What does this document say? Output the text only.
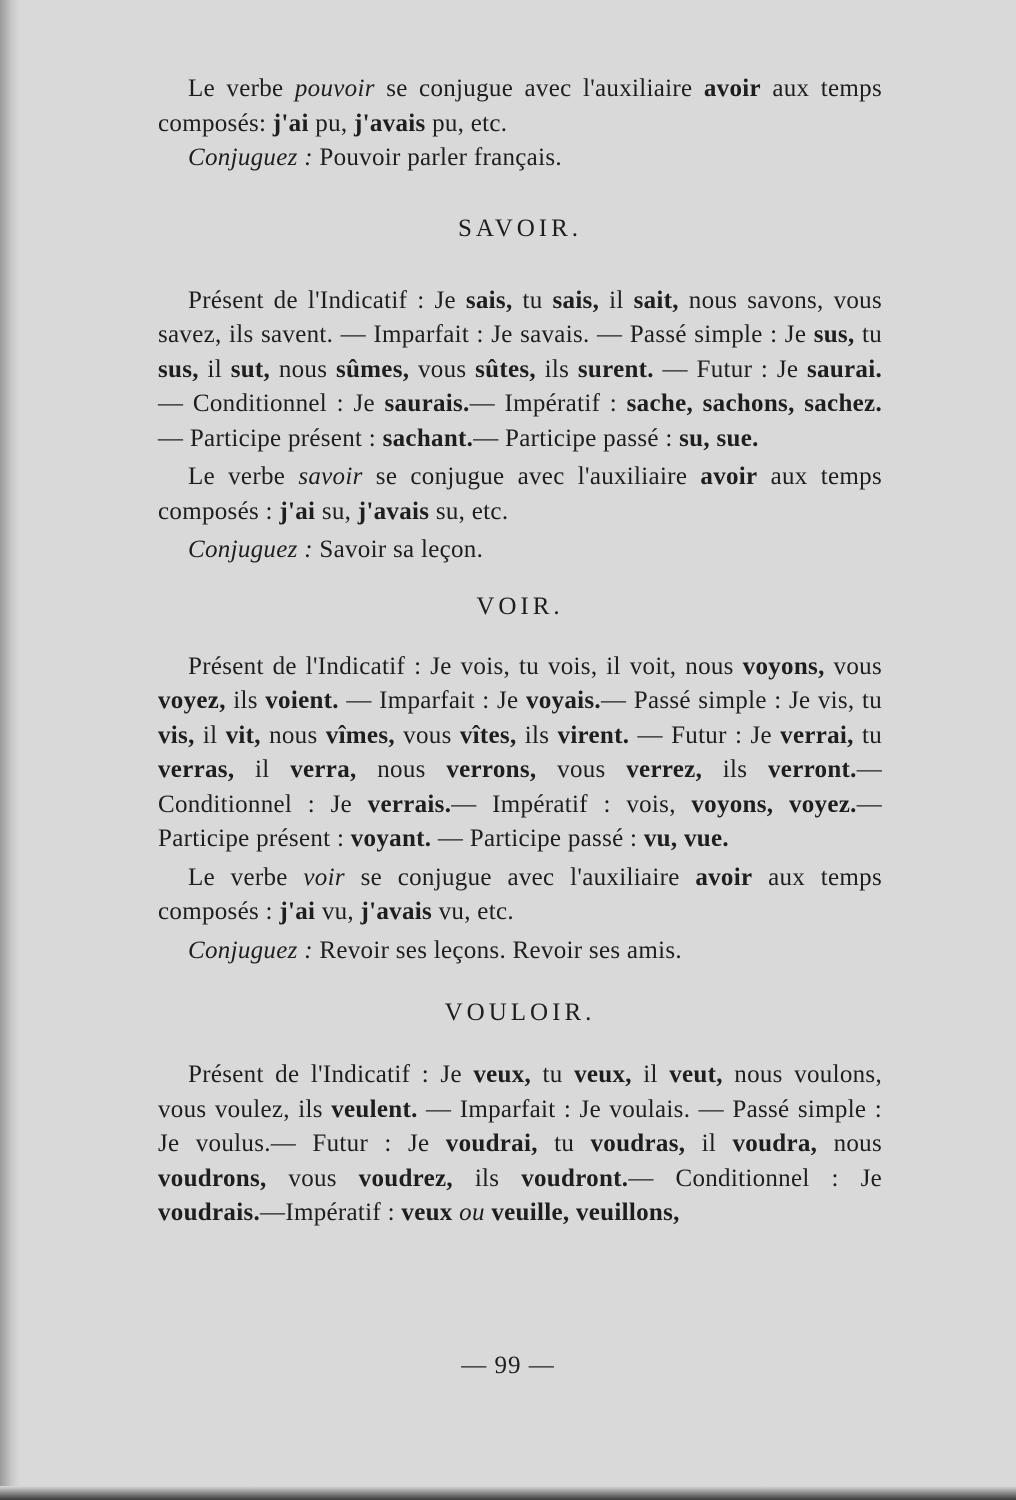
Le verbe pouvoir se conjugue avec l'auxiliaire avoir aux temps composés: j'ai pu, j'avais pu, etc.

Conjuguez : Pouvoir parler français.

SAVOIR.

Présent de l'Indicatif : Je sais, tu sais, il sait, nous savons, vous savez, ils savent. — Imparfait : Je savais. — Passé simple : Je sus, tu sus, il sut, nous sûmes, vous sûtes, ils surent. — Futur : Je saurai. — Conditionnel : Je saurais.— Impératif : sache, sachons, sachez. — Participe présent : sachant.— Participe passé : su, sue.

Le verbe savoir se conjugue avec l'auxiliaire avoir aux temps composés : j'ai su, j'avais su, etc.

Conjuguez : Savoir sa leçon.

VOIR.

Présent de l'Indicatif : Je vois, tu vois, il voit, nous voyons, vous voyez, ils voient. — Imparfait : Je voyais.— Passé simple : Je vis, tu vis, il vit, nous vîmes, vous vîtes, ils virent. — Futur : Je verrai, tu verras, il verra, nous verrons, vous verrez, ils verront.— Conditionnel : Je verrais.— Impératif : vois, voyons, voyez.— Participe présent : voyant. — Participe passé : vu, vue.

Le verbe voir se conjugue avec l'auxiliaire avoir aux temps composés : j'ai vu, j'avais vu, etc.

Conjuguez : Revoir ses leçons. Revoir ses amis.

VOULOIR.

Présent de l'Indicatif : Je veux, tu veux, il veut, nous voulons, vous voulez, ils veulent. — Imparfait : Je voulais. — Passé simple : Je voulus.— Futur : Je voudrai, tu voudras, il voudra, nous voudrons, vous voudrez, ils voudront.— Conditionnel : Je voudrais.—Impératif : veux ou veuille, veuillons,

— 99 —
